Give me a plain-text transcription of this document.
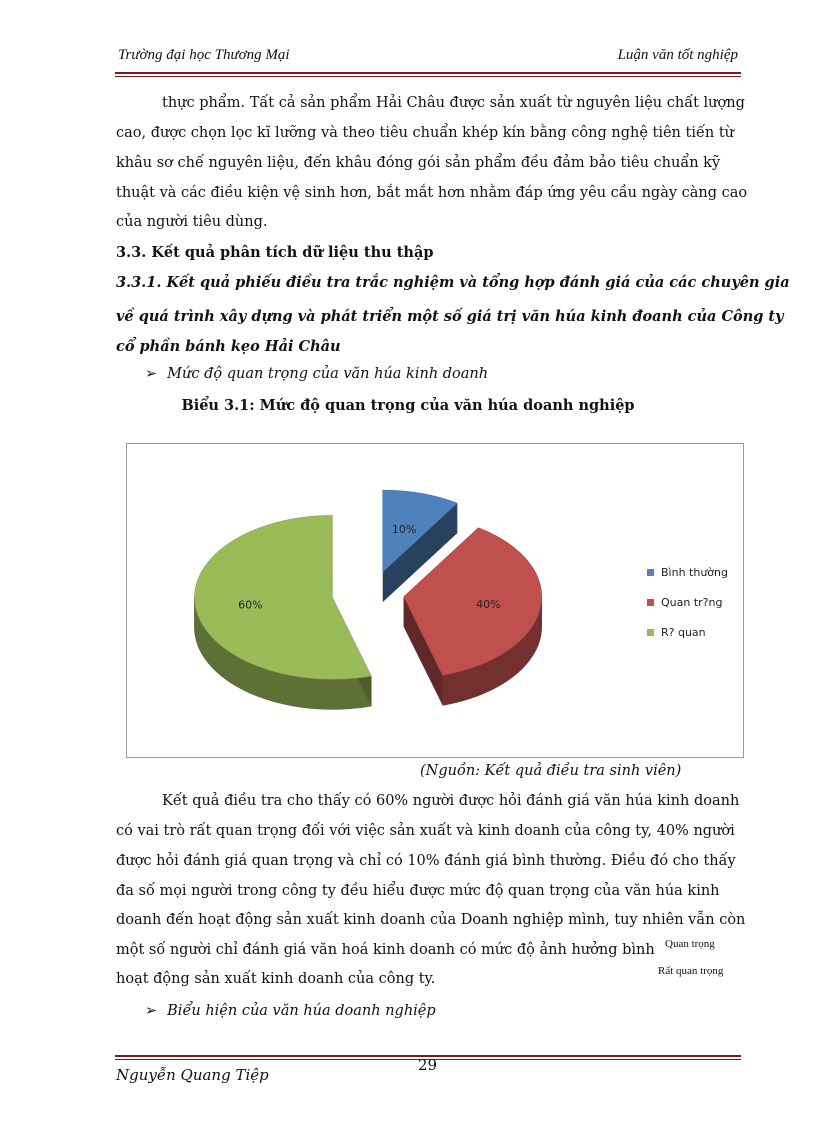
Trường đại học Thương Mại	Luận văn tốt nghiệp
thực phẩm. Tất cả sản phẩm Hải Châu được sản xuất từ nguyên liệu chất lượng
cao, được chọn lọc kĩ lưỡng và theo tiêu chuẩn khép kín bằng công nghệ tiên tiến từ
khâu sơ chế nguyên liệu, đến khâu đóng gói sản phẩm đều đảm bảo tiêu chuẩn kỹ
thuật và các điều kiện vệ sinh hơn, bắt mắt hơn nhằm đáp ứng yêu cầu ngày càng cao
của người tiêu dùng.
3.3. Kết quả phân tích dữ liệu thu thập
3.3.1. Kết quả phiếu điều tra trắc nghiệm và tổng hợp đánh giá của các chuyên gia
về quá trình xây dựng và phát triển một số giá trị văn húa kinh đoanh của Công ty
cổ phần bánh kẹo Hải Châu
➢ Mức độ quan trọng của văn húa kinh doanh
Biểu 3.1: Mức độ quan trọng của văn húa doanh nghiệp
10%
40%
60%
Bình thường
Quan tr?ng
R? quan
(Nguồn: Kết quả điều tra sinh viên)
Kết quả điều tra cho thấy có 60% người được hỏi đánh giá văn húa kinh doanh
có vai trò rất quan trọng đối với việc sản xuất và kinh doanh của công ty, 40% người
được hỏi đánh giá quan trọng và chỉ có 10% đánh giá bình thường. Điều đó cho thấy
đa số mọi người trong công ty đều hiểu được mức độ quan trọng của văn húa kinh
doanh đến hoạt động sản xuất kinh doanh của Doanh nghiệp mình, tuy nhiên vẫn còn
một số người chỉ đánh giá văn hoá kinh doanh có mức độ ảnh hưởng bình
hoạt động sản xuất kinh doanh của công ty.
Quan trọng
Rất quan trọng
➢ Biểu hiện của văn húa doanh nghiệp
29
Nguyễn Quang Tiệp
